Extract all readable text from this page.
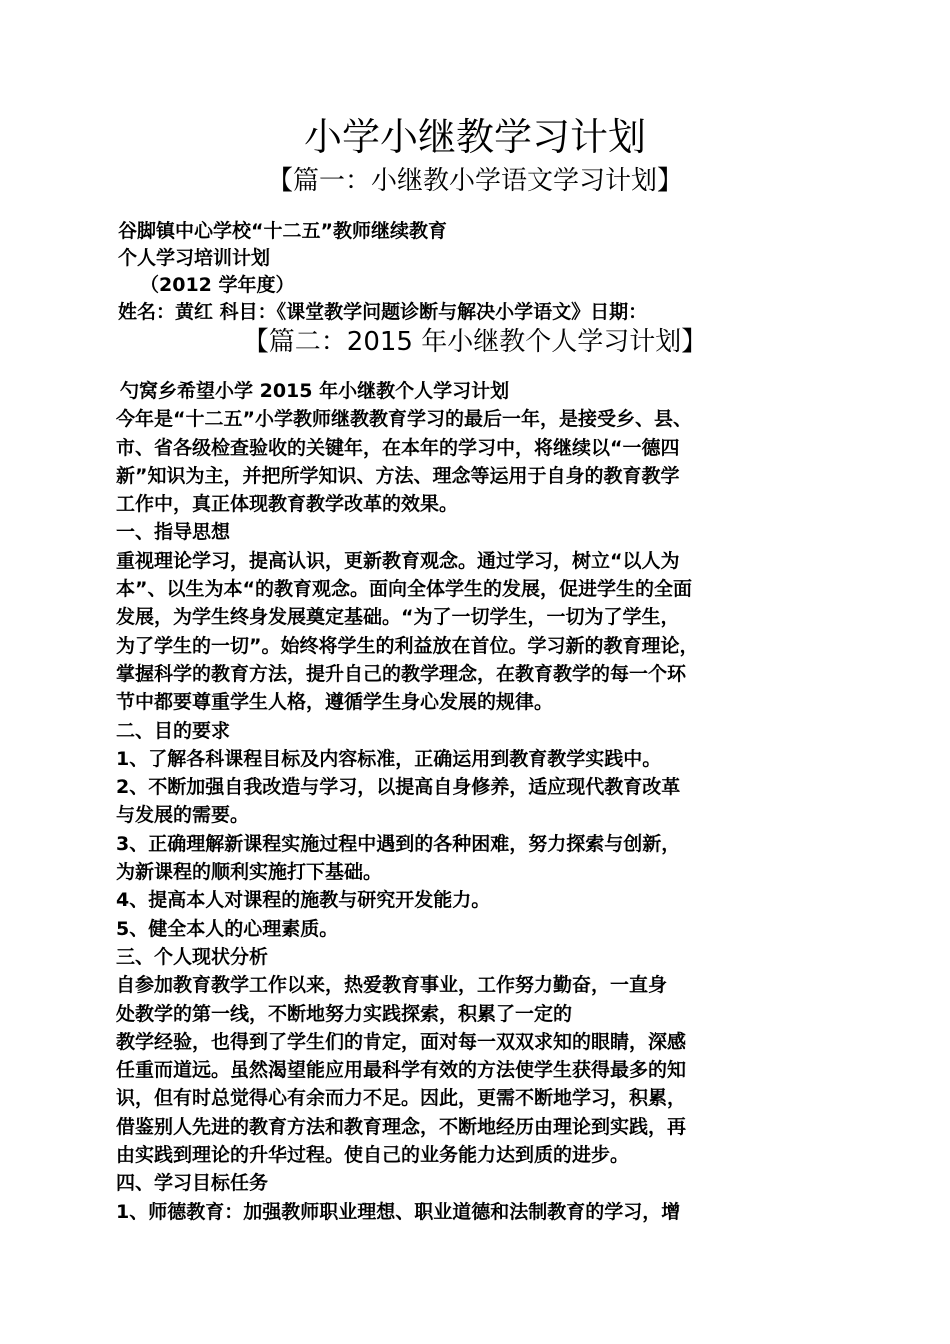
小学小继教学习计划
【篇一：小继教小学语文学习计划】
谷脚镇中心学校“十二五”教师继续教育
个人学习培训计划
（2012 学年度）
姓名：黄红 科目：《课堂教学问题诊断与解决小学语文》日期：
【篇二：2015 年小继教个人学习计划】
勺窝乡希望小学 2015 年小继教个人学习计划
今年是“十二五”小学教师继教教育学习的最后一年，是接受乡、县、
市、省各级检查验收的关键年，在本年的学习中，将继续以“一德四
新”知识为主，并把所学知识、方法、理念等运用于自身的教育教学
工作中，真正体现教育教学改革的效果。
一、指导思想
重视理论学习，提高认识，更新教育观念。通过学习，树立“以人为
本”、以生为本“的教育观念。面向全体学生的发展，促进学生的全面
发展，为学生终身发展奠定基础。“为了一切学生，一切为了学生，
为了学生的一切”。始终将学生的利益放在首位。学习新的教育理论，
掌握科学的教育方法，提升自己的教学理念，在教育教学的每一个环
节中都要尊重学生人格，遵循学生身心发展的规律。
二、目的要求
1、了解各科课程目标及内容标准，正确运用到教育教学实践中。
2、不断加强自我改造与学习，以提高自身修养，适应现代教育改革
与发展的需要。
3、正确理解新课程实施过程中遇到的各种困难，努力探索与创新，
为新课程的顺利实施打下基础。
4、提高本人对课程的施教与研究开发能力。
5、健全本人的心理素质。
三、个人现状分析
自参加教育教学工作以来，热爱教育事业，工作努力勤奋，一直身
处教学的第一线，不断地努力实践探索，积累了一定的
教学经验，也得到了学生们的肯定，面对每一双双求知的眼睛，深感
任重而道远。虽然渴望能应用最科学有效的方法使学生获得最多的知
识，但有时总觉得心有余而力不足。因此，更需不断地学习，积累，
借鉴别人先进的教育方法和教育理念，不断地经历由理论到实践，再
由实践到理论的升华过程。使自己的业务能力达到质的进步。
四、学习目标任务
1、师德教育：加强教师职业理想、职业道德和法制教育的学习，增
